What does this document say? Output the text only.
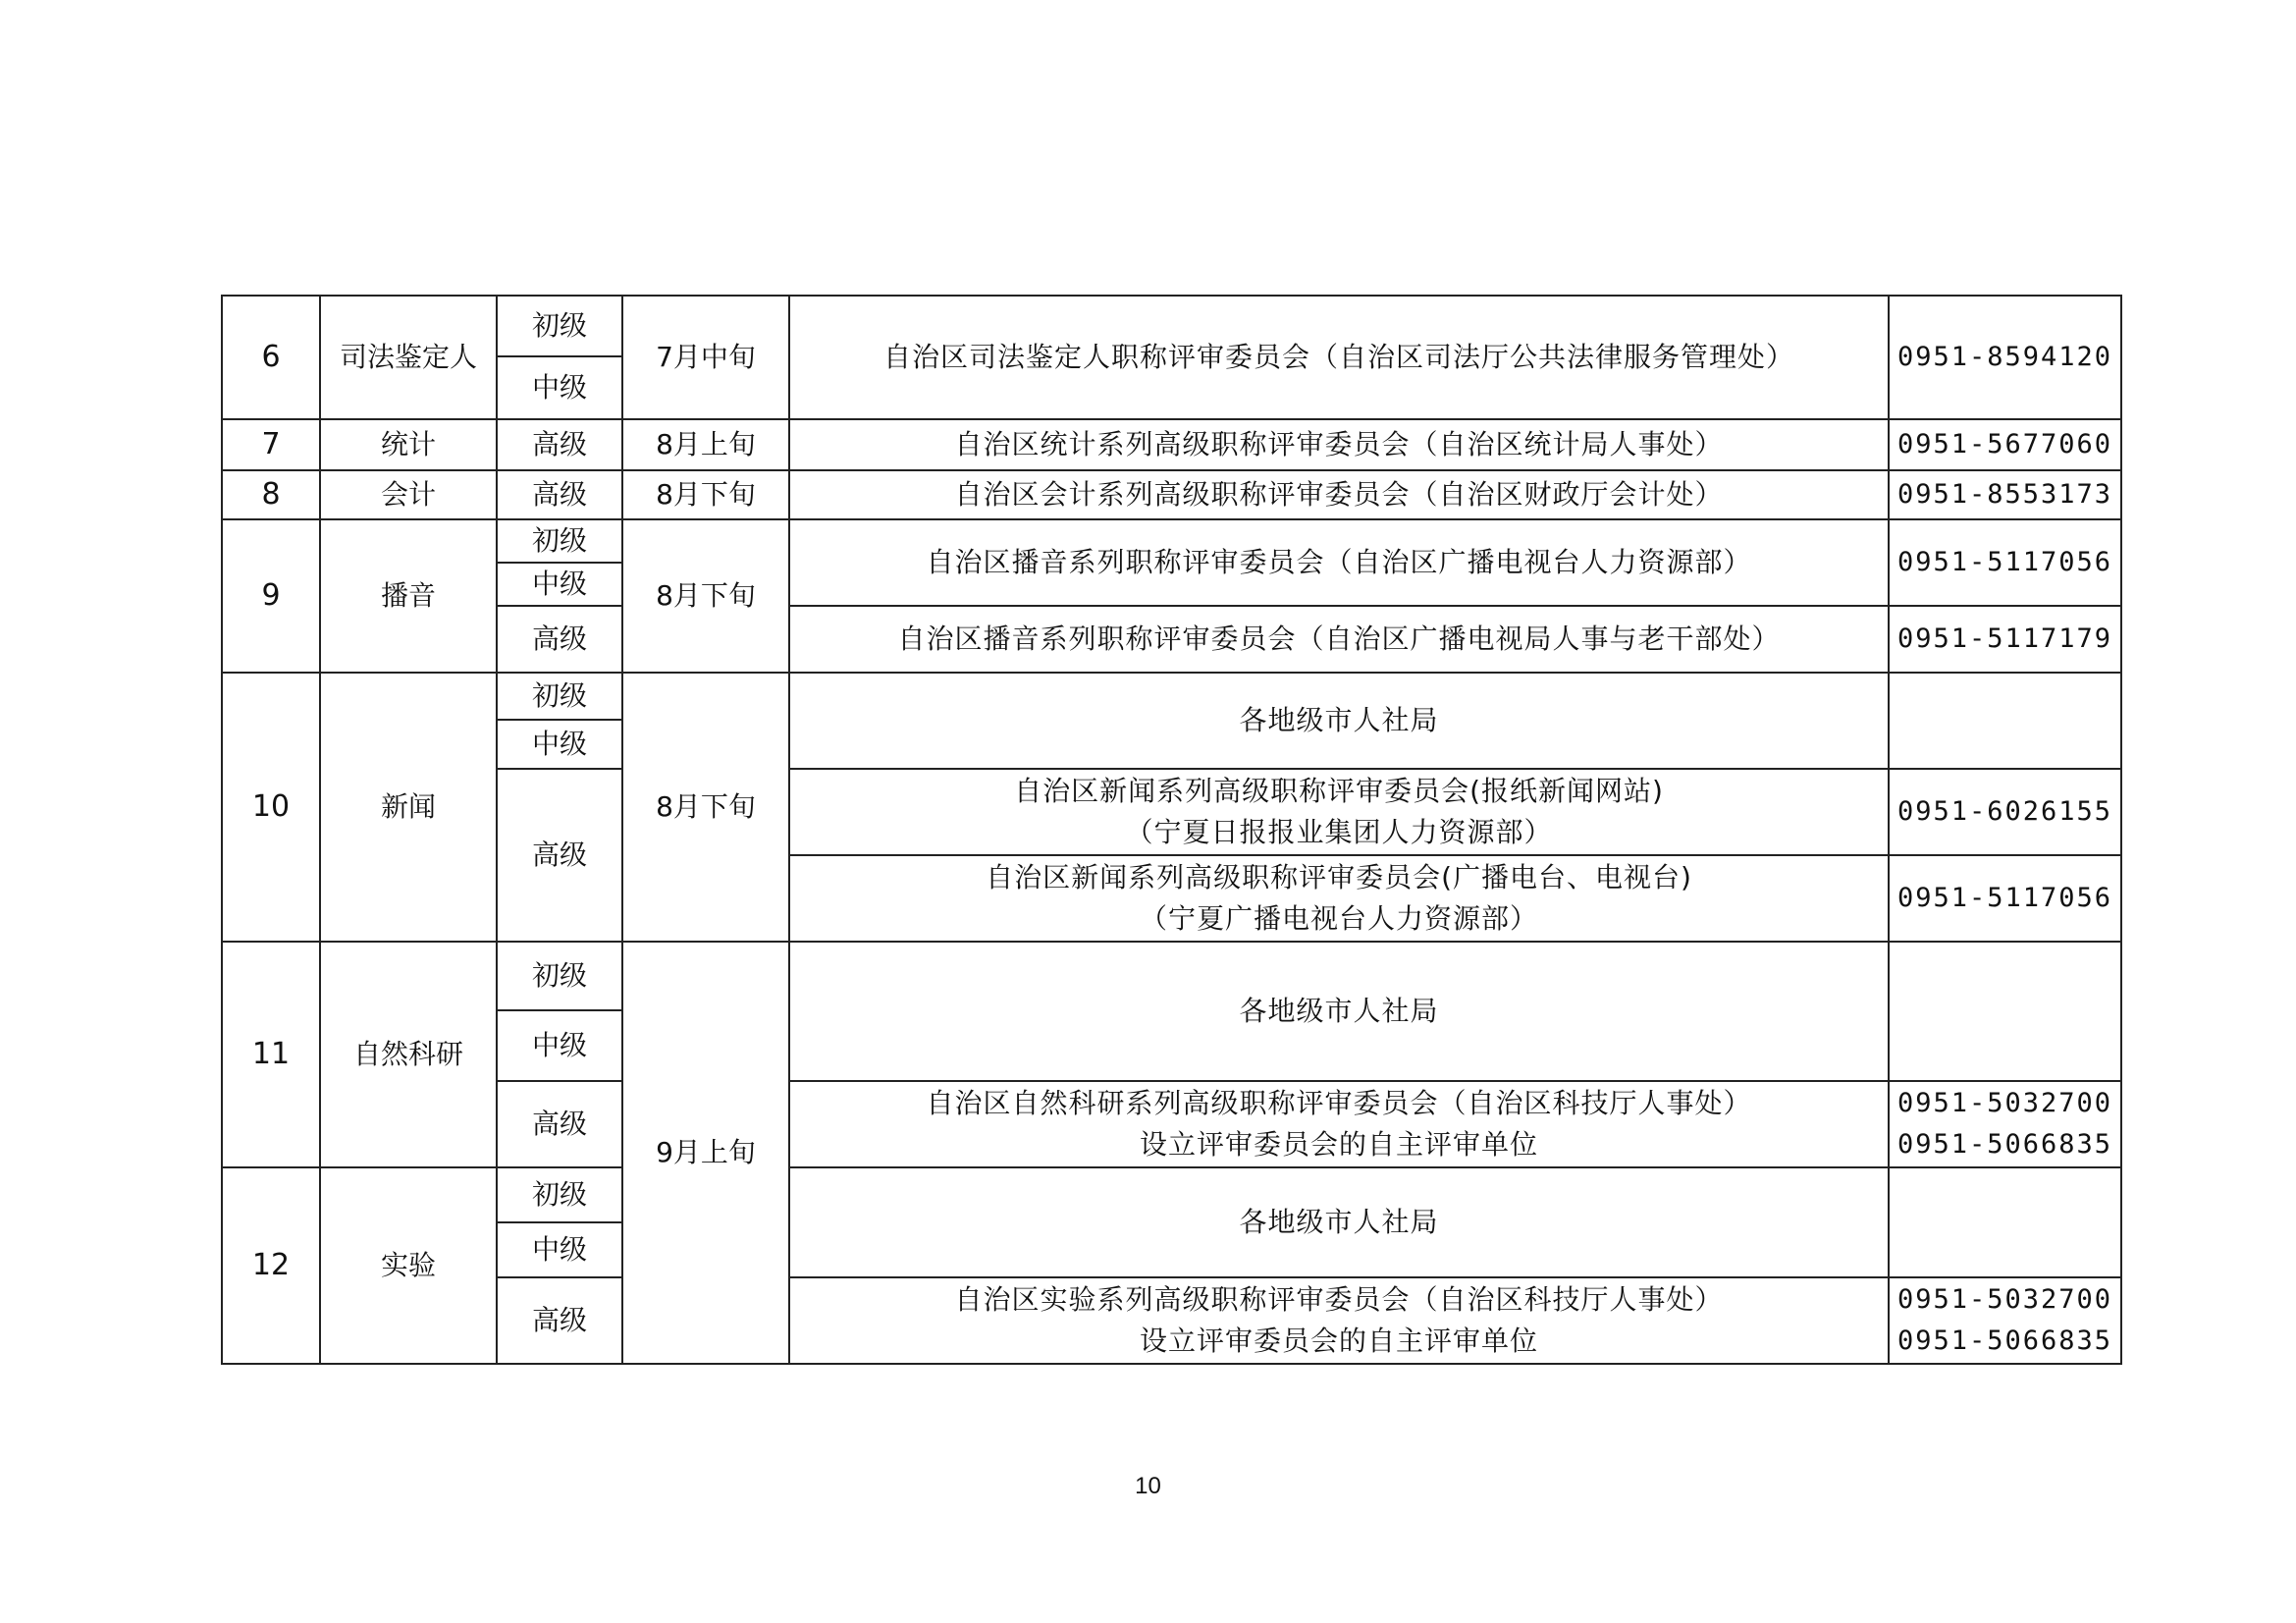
6	司法鉴定人	初级	7月中旬	自治区司法鉴定人职称评审委员会（自治区司法厅公共法律服务管理处）	0951-8594120
		中级			
7	统计	高级	8月上旬	自治区统计系列高级职称评审委员会（自治区统计局人事处）	0951-5677060
8	会计	高级	8月下旬	自治区会计系列高级职称评审委员会（自治区财政厅会计处）	0951-8553173
9	播音	初级	8月下旬	自治区播音系列职称评审委员会（自治区广播电视台人力资源部）	0951-5117056
		中级			
		高级		自治区播音系列职称评审委员会（自治区广播电视局人事与老干部处）	0951-5117179
10	新闻	初级	8月下旬	各地级市人社局	
		中级			
		高级		自治区新闻系列高级职称评审委员会(报纸新闻网站)
（宁夏日报报业集团人力资源部）	0951-6026155

				自治区新闻系列高级职称评审委员会(广播电台、电视台)
（宁夏广播电视台人力资源部）	0951-5117056
11	自然科研	初级	9月上旬	各地级市人社局	
		中级			
		高级		自治区自然科研系列高级职称评审委员会（自治区科技厅人事处）
设立评审委员会的自主评审单位	0951-5032700
0951-5066835

12	实验	初级		各地级市人社局	
		中级			
		高级		自治区实验系列高级职称评审委员会（自治区科技厅人事处）
设立评审委员会的自主评审单位	0951-5032700
0951-5066835
10
